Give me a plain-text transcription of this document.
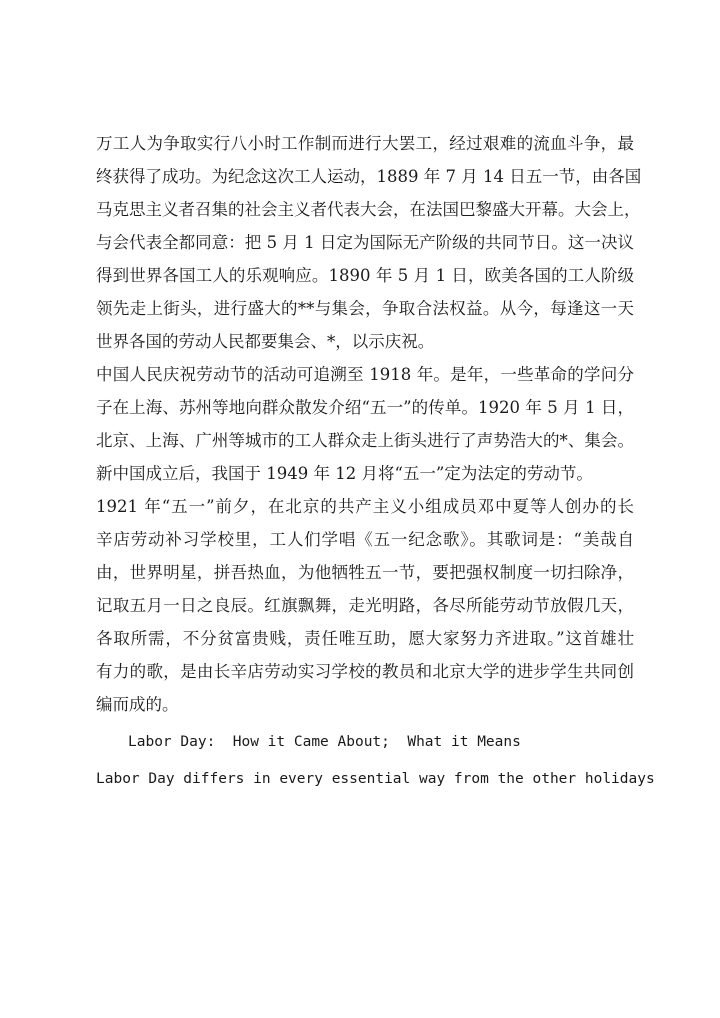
万工人为争取实行八小时工作制而进行大罢工，经过艰难的流血斗争，最
终获得了成功。为纪念这次工人运动，1889 年 7 月 14 日五一节，由各国
马克思主义者召集的社会主义者代表大会，在法国巴黎盛大开幕。大会上，
与会代表全都同意：把 5 月 1 日定为国际无产阶级的共同节日。这一决议
得到世界各国工人的乐观响应。1890 年 5 月 1 日，欧美各国的工人阶级
领先走上街头，进行盛大的**与集会，争取合法权益。从今，每逢这一天
世界各国的劳动人民都要集会、*，以示庆祝。
中国人民庆祝劳动节的活动可追溯至 1918 年。是年，一些革命的学问分
子在上海、苏州等地向群众散发介绍“五一”的传单。1920 年 5 月 1 日，
北京、上海、广州等城市的工人群众走上街头进行了声势浩大的*、集会。
新中国成立后，我国于 1949 年 12 月将“五一”定为法定的劳动节。
1921 年“五一”前夕，在北京的共产主义小组成员邓中夏等人创办的长
辛店劳动补习学校里，工人们学唱《五一纪念歌》。其歌词是：“美哉自
由，世界明星，拼吾热血，为他牺牲五一节，要把强权制度一切扫除净，
记取五月一日之良辰。红旗飘舞，走光明路，各尽所能劳动节放假几天，
各取所需，不分贫富贵贱，责任唯互助，愿大家努力齐进取。”这首雄壮
有力的歌，是由长辛店劳动实习学校的教员和北京大学的进步学生共同创
编而成的。
Labor Day:  How it Came About;  What it Means
Labor Day differs in every essential way from the other holidays
